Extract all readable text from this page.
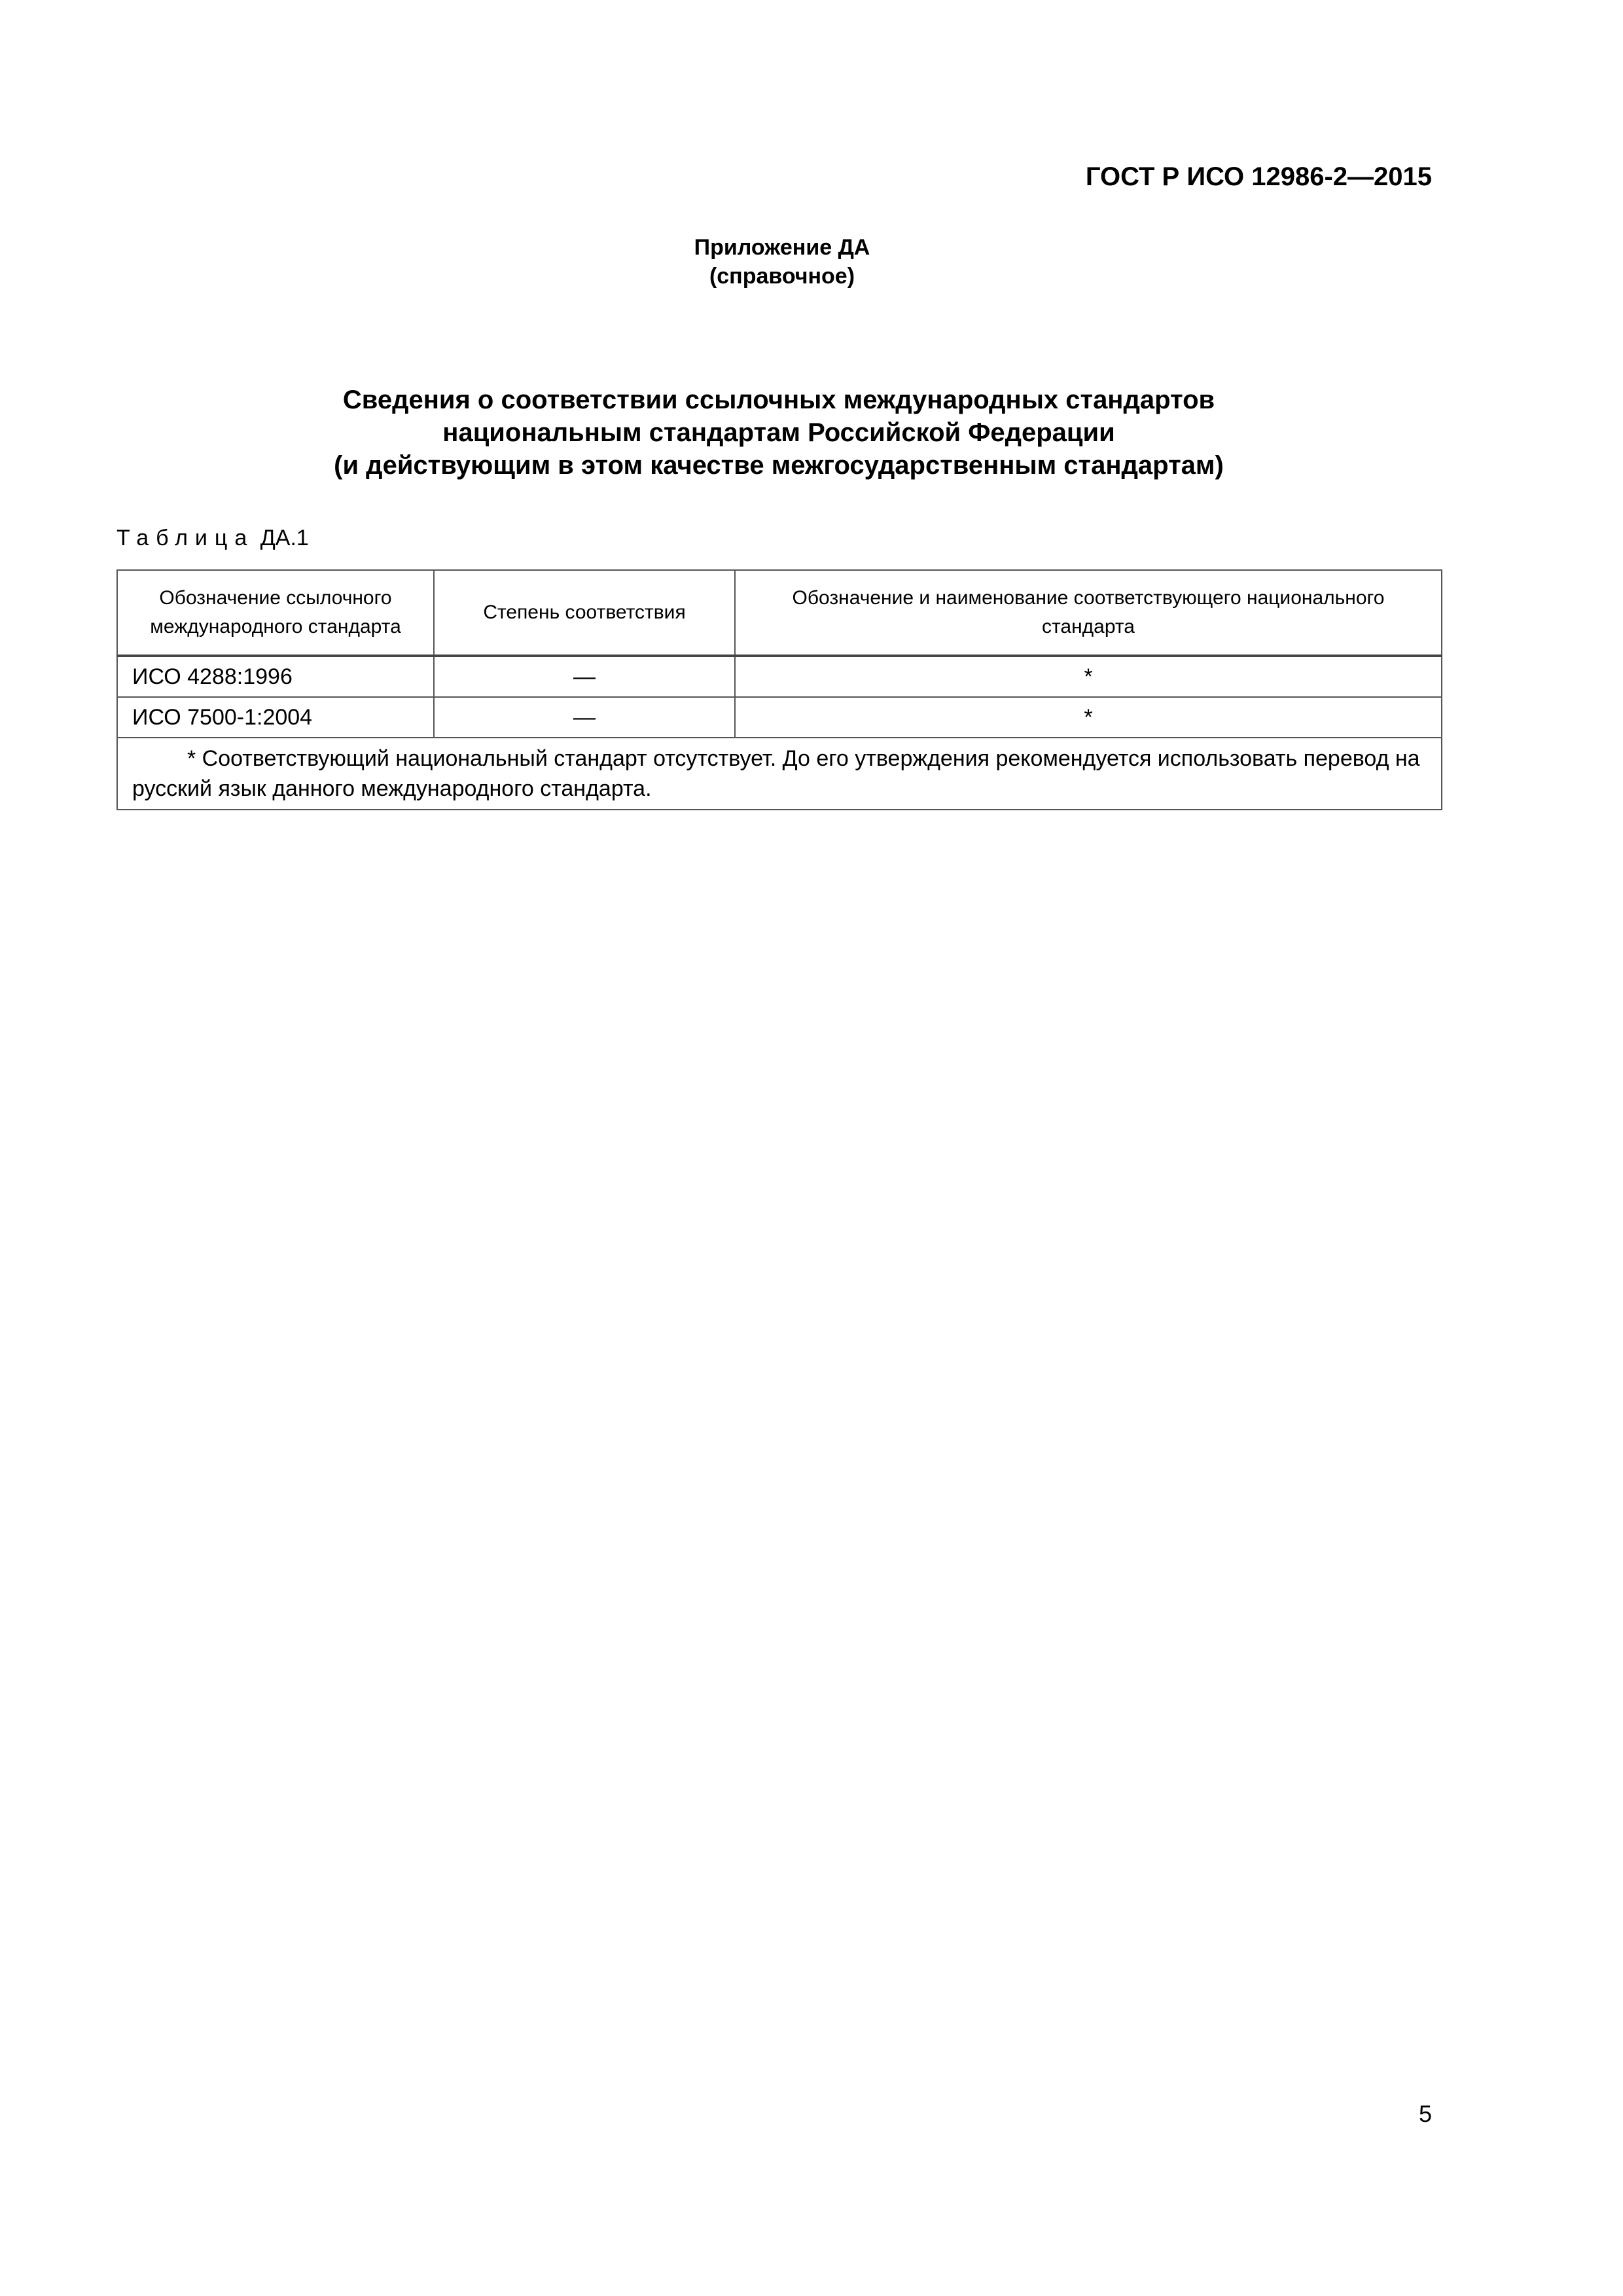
ГОСТ Р ИСО 12986-2—2015
Приложение ДА
(справочное)
Сведения о соответствии ссылочных международных стандартов
национальным стандартам Российской Федерации
(и действующим в этом качестве межгосударственным стандартам)
Таблица ДА.1
Обозначение ссылочного международного стандарта	Степень соответствия	Обозначение и наименование соответствующего национального стандарта
ИСО 4288:1996	—	*
ИСО 7500-1:2004	—	*
* Соответствующий национальный стандарт отсутствует. До его утверждения рекомендуется использовать перевод на русский язык данного международного стандарта.		
5
